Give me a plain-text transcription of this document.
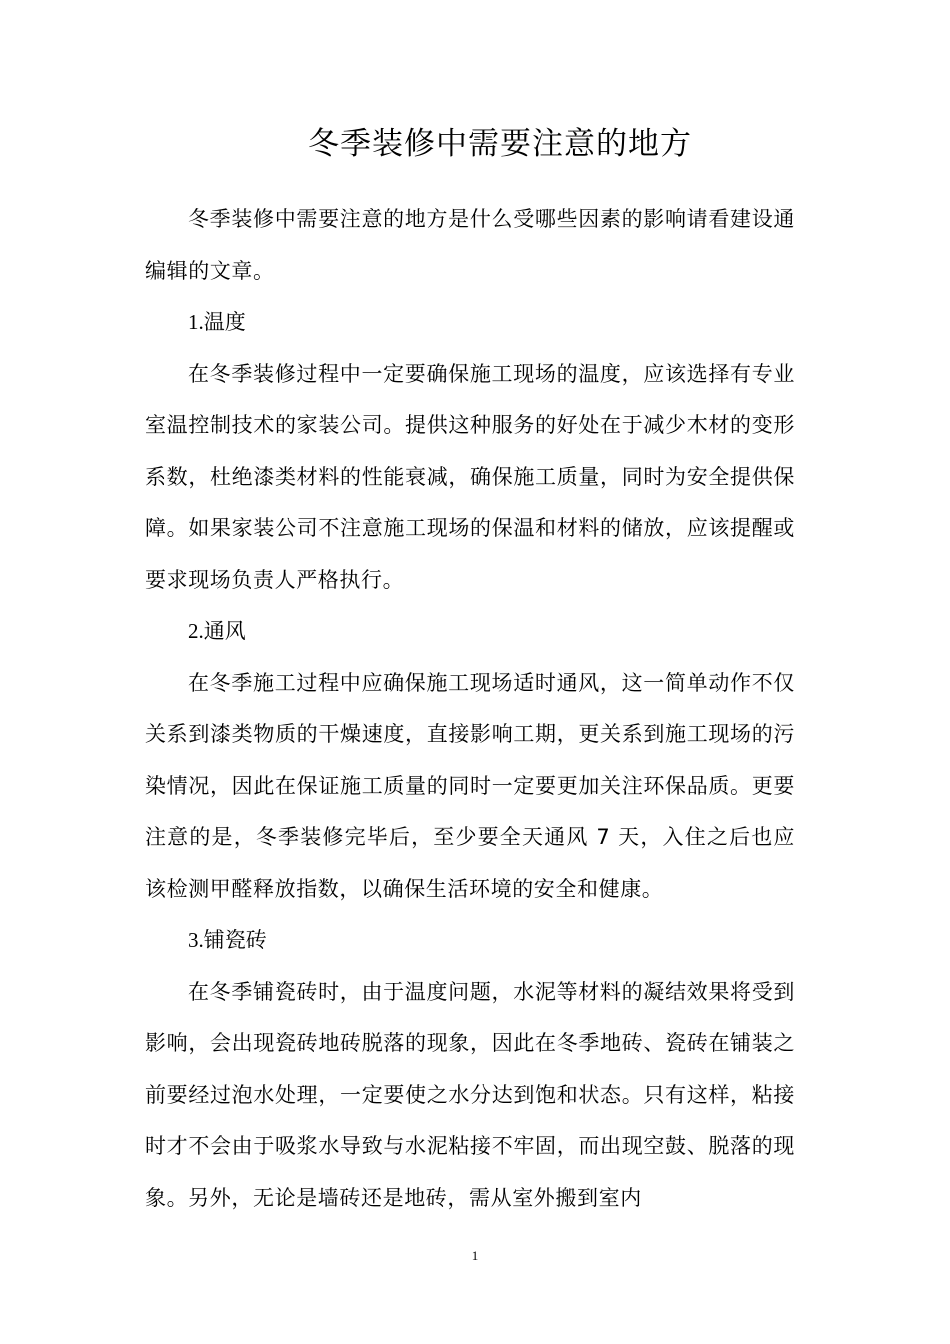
冬季装修中需要注意的地方

冬季装修中需要注意的地方是什么受哪些因素的影响请看建设通编辑的文章。

1.温度

在冬季装修过程中一定要确保施工现场的温度，应该选择有专业室温控制技术的家装公司。提供这种服务的好处在于减少木材的变形系数，杜绝漆类材料的性能衰减，确保施工质量，同时为安全提供保障。如果家装公司不注意施工现场的保温和材料的储放，应该提醒或要求现场负责人严格执行。

2.通风

在冬季施工过程中应确保施工现场适时通风，这一简单动作不仅关系到漆类物质的干燥速度，直接影响工期，更关系到施工现场的污染情况，因此在保证施工质量的同时一定要更加关注环保品质。更要注意的是，冬季装修完毕后，至少要全天通风 7 天，入住之后也应该检测甲醛释放指数，以确保生活环境的安全和健康。

3.铺瓷砖

在冬季铺瓷砖时，由于温度问题，水泥等材料的凝结效果将受到影响，会出现瓷砖地砖脱落的现象，因此在冬季地砖、瓷砖在铺装之前要经过泡水处理，一定要使之水分达到饱和状态。只有这样，粘接时才不会由于吸浆水导致与水泥粘接不牢固，而出现空鼓、脱落的现象。另外，无论是墙砖还是地砖，需从室外搬到室内

1
